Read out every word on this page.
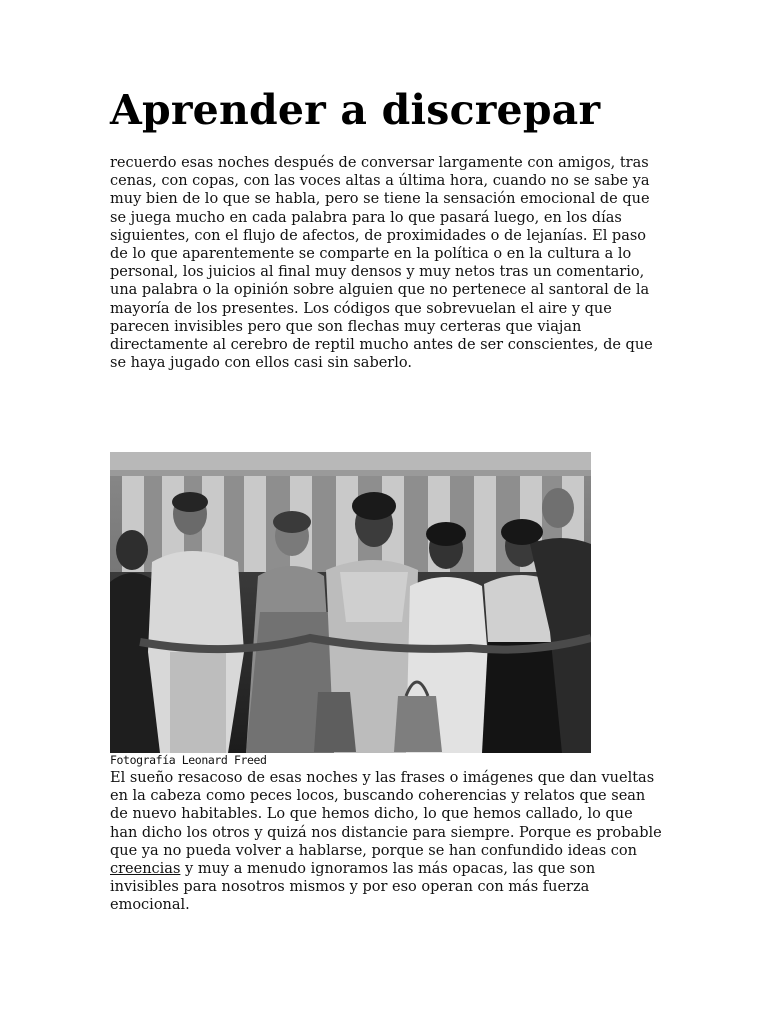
Aprender a discrepar

recuerdo esas noches después de conversar largamente con amigos, tras cenas, con copas, con las voces altas a última hora, cuando no se sabe ya muy bien de lo que se habla, pero se tiene la sensación emocional de que se juega mucho en cada palabra para lo que pasará luego, en los días siguientes, con el flujo de afectos, de proximidades o de lejanías. El paso de lo que aparentemente se comparte en la política o en la cultura a lo personal, los juicios al final muy densos y muy netos tras un comentario, una palabra o la opinión sobre alguien que no pertenece al santoral de la mayoría de los presentes. Los códigos que sobrevuelan el aire y que parecen invisibles pero que son flechas muy certeras que viajan directamente al cerebro de reptil mucho antes de ser conscientes, de que se haya jugado con ellos casi sin saberlo.

Fotografía Leonard Freed

El sueño resacoso de esas noches y las frases o imágenes que dan vueltas en la cabeza como peces locos, buscando coherencias y relatos que sean de nuevo habitables. Lo que hemos dicho, lo que hemos callado, lo que han dicho los otros y quizá nos distancie para siempre. Porque es probable que ya no pueda volver a hablarse, porque se han confundido ideas con creencias y muy a menudo ignoramos las más opacas, las que son invisibles para nosotros mismos y por eso operan con más fuerza emocional.
